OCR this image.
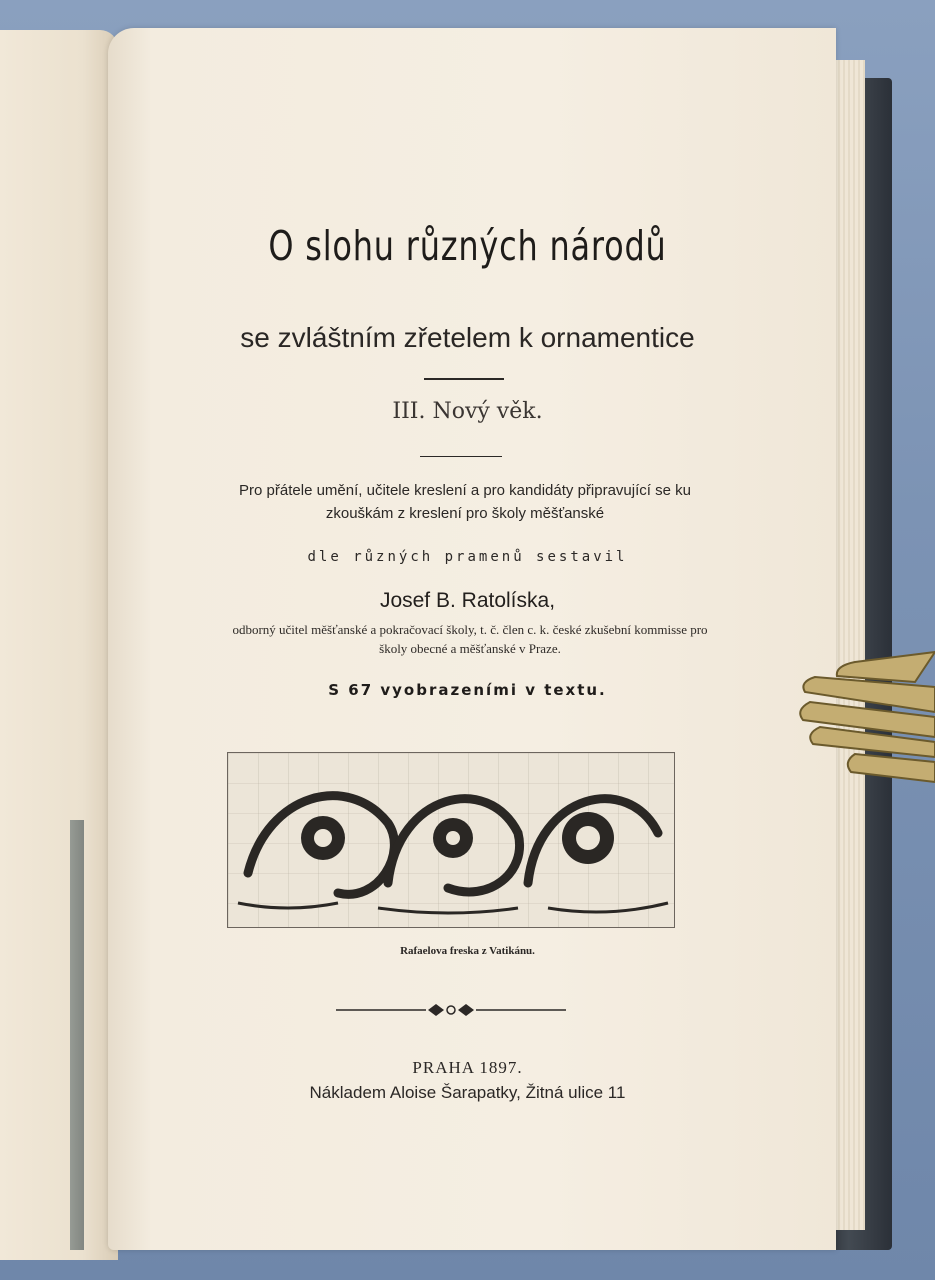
O slohu různých národů
se zvláštním zřetelem k ornamentice
III. Nový věk.
Pro přátele umění, učitele kreslení a pro kandidáty připravující se ku
zkouškám z kreslení pro školy měšťanské
dle různých pramenů sestavil
Josef B. Ratolíska,
odborný učitel měšťanské a pokračovací školy, t. č. člen c. k. české zkušební kommisse pro
školy obecné a měšťanské v Praze.
S 67 vyobrazeními v textu.
Rafaelova freska z Vatikánu.
PRAHA 1897.
Nákladem Aloise Šarapatky, Žitná ulice 11
